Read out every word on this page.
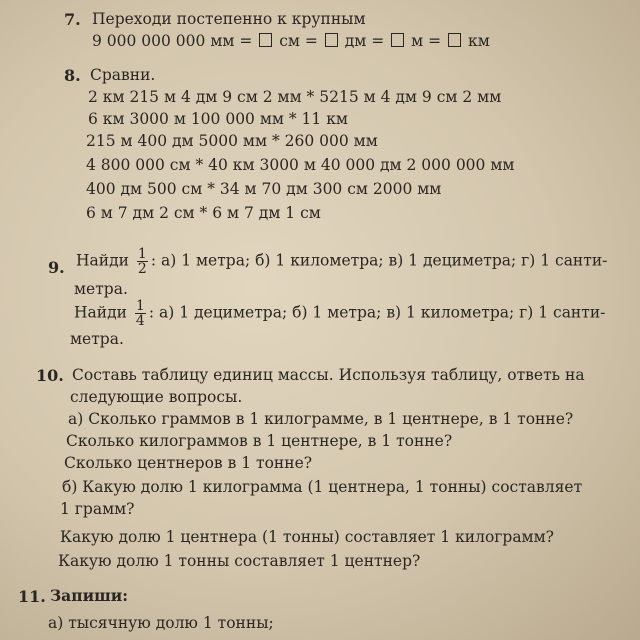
7. Переходи постепенно к крупным
9 000 000 000 мм = см = дм = м = км
8. Сравни.
2 км 215 м 4 дм 9 см 2 мм * 5215 м 4 дм 9 см 2 мм
6 км 3000 м 100 000 мм * 11 км
215 м 400 дм 5000 мм * 260 000 мм
4 800 000 см * 40 км 3000 м 40 000 дм 2 000 000 мм
400 дм 500 см * 34 м 70 дм 300 см 2000 мм
6 м 7 дм 2 см * 6 м 7 дм 1 см
9. Найди $\frac{1}{2}$ : а) 1 метра; б) 1 километра; в) 1 дециметра; г) 1 санти-
метра.
Найди $\frac{1}{4}$ : а) 1 дециметра; б) 1 метра; в) 1 километра; г) 1 санти-
метра.
10. Составь таблицу единиц массы. Используя таблицу, ответь на
следующие вопросы.
а) Сколько граммов в 1 килограмме, в 1 центнере, в 1 тонне?
Сколько килограммов в 1 центнере, в 1 тонне?
Сколько центнеров в 1 тонне?
б) Какую долю 1 килограмма (1 центнера, 1 тонны) составляет
1 грамм?
Какую долю 1 центнера (1 тонны) составляет 1 килограмм?
Какую долю 1 тонны составляет 1 центнер?
11. Запиши:
а) тысячную долю 1 тонны;
